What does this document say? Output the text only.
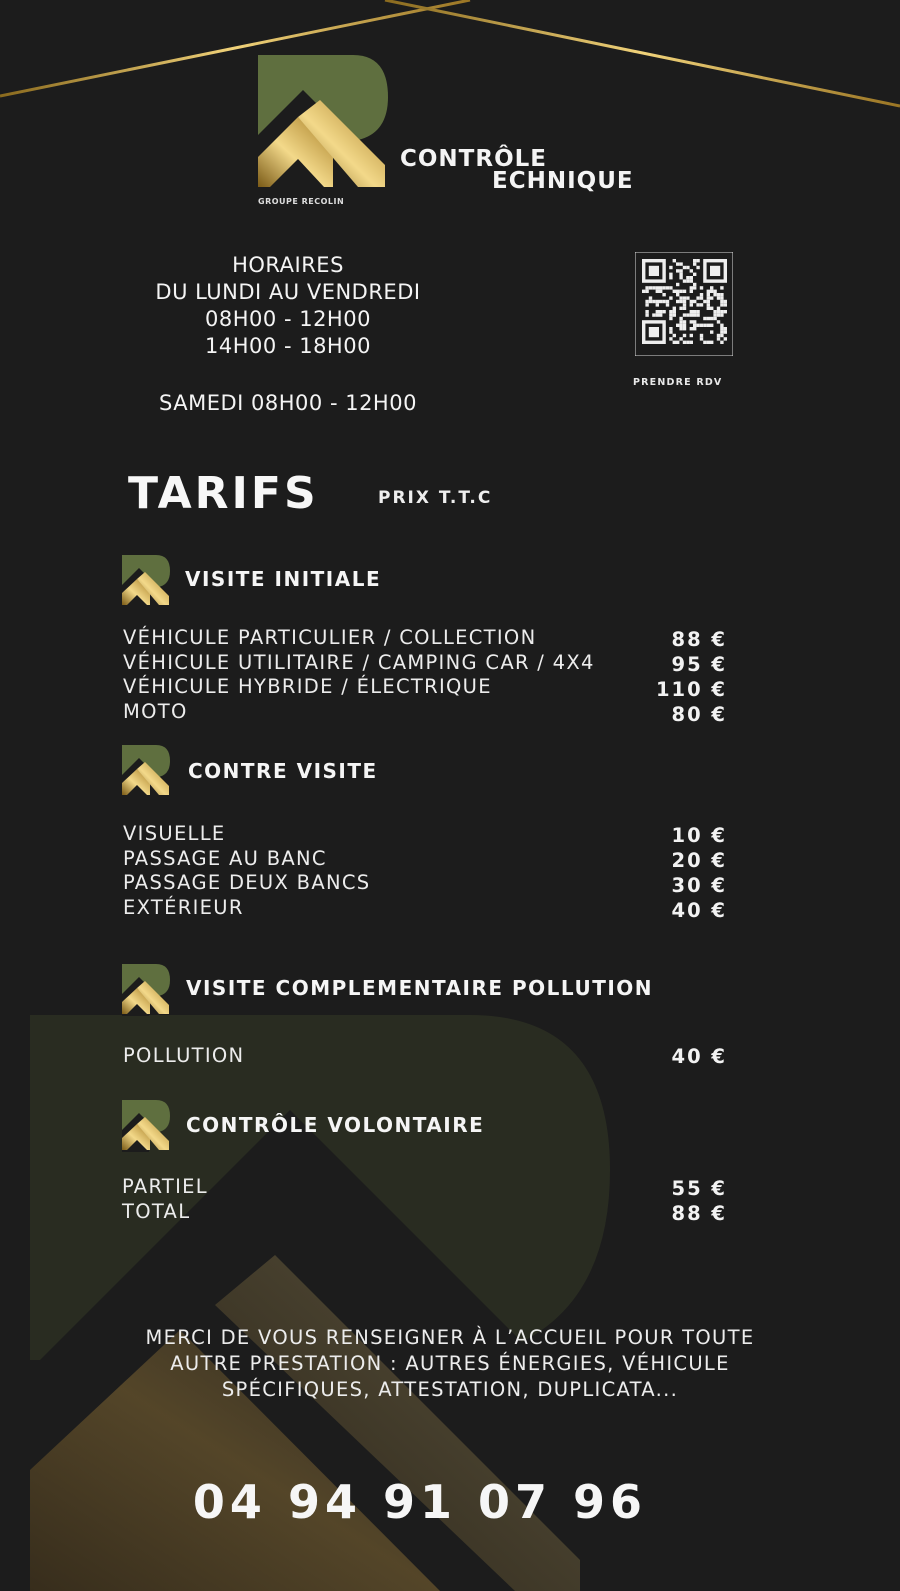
GROUPE RECOLIN
CONTRÔLE
ECHNIQUE
HORAIRES
DU LUNDI AU VENDREDI
08H00 - 12H00
14H00 - 18H00
SAMEDI 08H00 - 12H00
PRENDRE RDV
TARIFS	PRIX T.T.C
VISITE INITIALE
VÉHICULE PARTICULIER / COLLECTION
VÉHICULE UTILITAIRE / CAMPING CAR / 4X4
VÉHICULE HYBRIDE / ÉLECTRIQUE
MOTO
88 €
95 €
110 €
80 €
CONTRE VISITE
VISUELLE
PASSAGE AU BANC
PASSAGE DEUX BANCS
EXTÉRIEUR
10 €
20 €
30 €
40 €
VISITE COMPLEMENTAIRE POLLUTION
POLLUTION	40 €
CONTRÔLE VOLONTAIRE
PARTIEL
TOTAL
55 €
88 €
MERCI DE VOUS RENSEIGNER À L’ACCUEIL POUR TOUTE
AUTRE PRESTATION : AUTRES ÉNERGIES, VÉHICULE
SPÉCIFIQUES, ATTESTATION, DUPLICATA...
04 94 91 07 96
